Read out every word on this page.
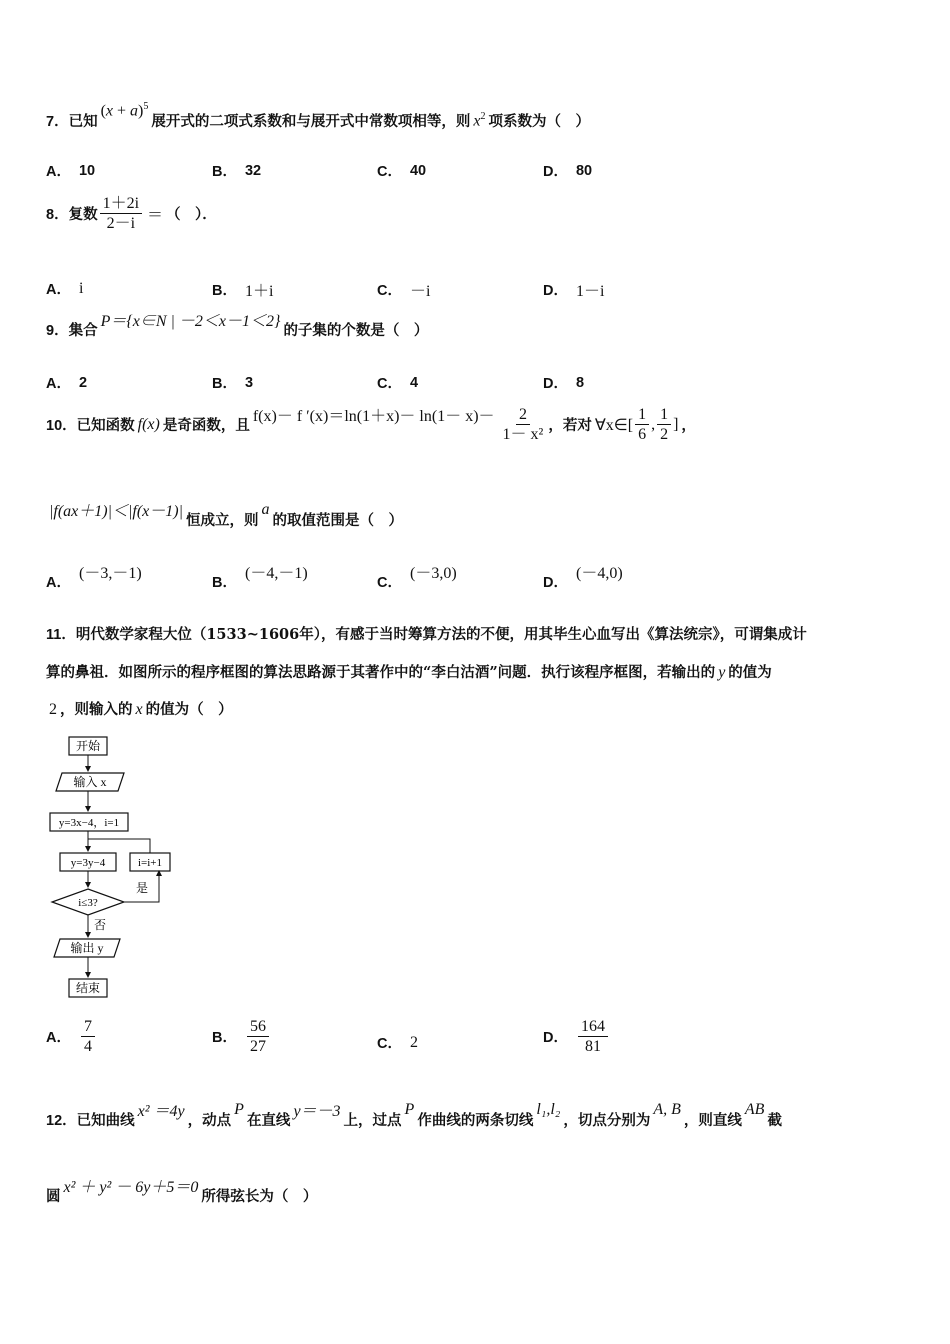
7． 已知
$(x + a)^5$
展开式的二项式系数和与展开式中常数项相等，则 $x^2$ 项系数为（　）
A． 10	B． 32	C． 40	D． 80
8． 复数 $\frac{1+2i}{2-i}$ ＝ （　）．
A． i	B． 1＋i	C． －i	D． 1－i
9． 集合
P＝{x∈N | －2＜x－1＜2}
的子集的个数是（　）
A． 2	B． 3	C． 4	D． 8
10． 已知函数 f(x) 是奇函数，且
f(x)－ f $'(x)=\ln(1+x)- \ln(1- x)- \frac{2}{\text{1－ x²}}$ ，若对 ∀x∈[ $\frac{1}{6}$ , $\frac{1}{2}$ ] ，
|f(ax＋1)|＜|f(x－1)|
恒成立，则
a
的取值范围是（　）
A．
(－3,－1)
B．
(－4,－1)
C．
(－3,0)
D．
(－4,0)
11．明代数学家程大位（1533~1606年），有感于当时筹算方法的不便，用其毕生心血写出《算法统宗》，可谓集成计
算的鼻祖．如图所示的程序框图的算法思路源于其著作中的“李白沽酒”问题．执行该程序框图，若输出的 y 的值为
2 ，则输入的 x 的值为（　）
开始
输入 x
y=3x−4，i=1
y=3y−4	i=i+1
i≤3?
是
否
输出 y
结束
A． $\frac{7}{4}$	B． $\frac{56}{27}$	C． 2	D． $\frac{164}{81}$
12． 已知曲线
x² ＝4y
，动点
P
在直线
y＝－3
上，过点
P
作曲线的两条切线
l₁,l₂
，切点分别为
A, B
，则直线
AB
截
圆
x² ＋ y² － 6y＋5＝0
所得弦长为（　）
